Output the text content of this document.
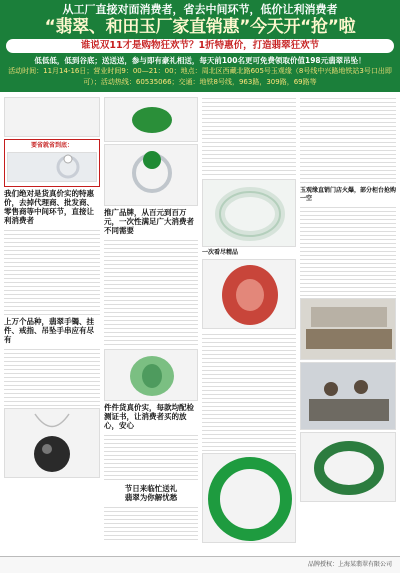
从工厂直接对面消费者，省去中间环节，低价让利消费者
“翡翠、和田玉厂家直销惠”今天开“抢”啦
谁说双11才是购物狂欢节？1折特惠价，打造翡翠狂欢节
低低低，低到谷底；送送送，参与即有豪礼相送，每天前100名更可免费领取价值198元翡翠吊坠！
活动时间：11月14-16日；营业时间9：00—21：00；地点：周北区西藏北路605号玉观缘（8号线中兴路地铁站3号口出即可）；活动热线：60535066；交通：地铁8号线，963路，309路，69路等
要省就省到底：
我们绝对是货真价实的特惠价，去掉代理商、批发商、零售商等中间环节，直接让利消费者
上万个品种，翡翠手镯、挂件、戒指、吊坠手串应有尽有
推广品牌，从百元到百万元，一次性满足广大消费者不同需要
件件货真价实，每款均配检测证书，让消费者买的放心，安心
节日来临忙送礼
翡翠为你解忧愁
一次看尽精品
玉观缘直销门店火爆，部分柜台抢购一空
品牌授权：上海某翡翠有限公司
